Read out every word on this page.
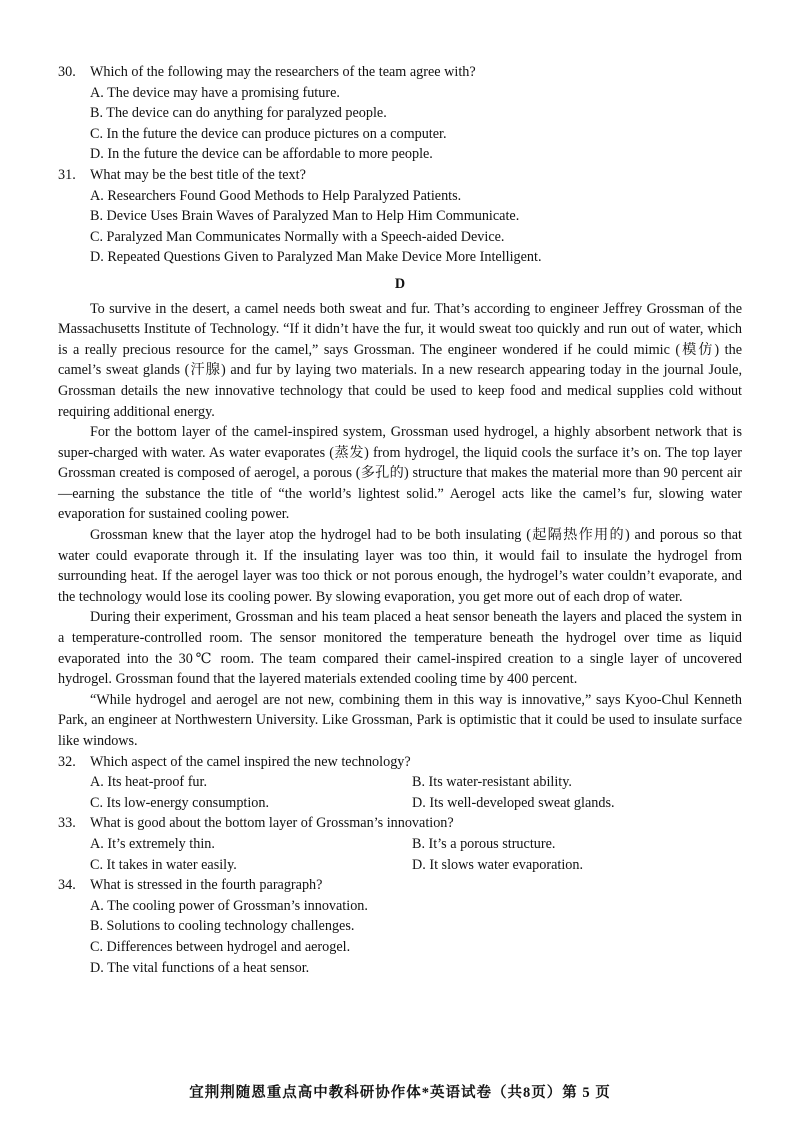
30. Which of the following may the researchers of the team agree with?
A. The device may have a promising future.
B. The device can do anything for paralyzed people.
C. In the future the device can produce pictures on a computer.
D. In the future the device can be affordable to more people.
31. What may be the best title of the text?
A. Researchers Found Good Methods to Help Paralyzed Patients.
B. Device Uses Brain Waves of Paralyzed Man to Help Him Communicate.
C. Paralyzed Man Communicates Normally with a Speech-aided Device.
D. Repeated Questions Given to Paralyzed Man Make Device More Intelligent.
D

To survive in the desert, a camel needs both sweat and fur. That’s according to engineer Jeffrey Grossman of the Massachusetts Institute of Technology. “If it didn’t have the fur, it would sweat too quickly and run out of water, which is a really precious resource for the camel,” says Grossman. The engineer wondered if he could mimic (模仿) the camel’s sweat glands (汗腺) and fur by laying two materials. In a new research appearing today in the journal Joule, Grossman details the new innovative technology that could be used to keep food and medical supplies cold without requiring additional energy.

For the bottom layer of the camel-inspired system, Grossman used hydrogel, a highly absorbent network that is super-charged with water. As water evaporates (蒸发) from hydrogel, the liquid cools the surface it’s on. The top layer Grossman created is composed of aerogel, a porous (多孔的) structure that makes the material more than 90 percent air—earning the substance the title of “the world’s lightest solid.” Aerogel acts like the camel’s fur, slowing water evaporation for sustained cooling power.

Grossman knew that the layer atop the hydrogel had to be both insulating (起隔热作用的) and porous so that water could evaporate through it. If the insulating layer was too thin, it would fail to insulate the hydrogel from surrounding heat. If the aerogel layer was too thick or not porous enough, the hydrogel’s water couldn’t evaporate, and the technology would lose its cooling power. By slowing evaporation, you get more out of each drop of water.

During their experiment, Grossman and his team placed a heat sensor beneath the layers and placed the system in a temperature-controlled room. The sensor monitored the temperature beneath the hydrogel over time as liquid evaporated into the 30℃ room. The team compared their camel-inspired creation to a single layer of uncovered hydrogel. Grossman found that the layered materials extended cooling time by 400 percent.

“While hydrogel and aerogel are not new, combining them in this way is innovative,” says Kyoo-Chul Kenneth Park, an engineer at Northwestern University. Like Grossman, Park is optimistic that it could be used to insulate surface like windows.

32. Which aspect of the camel inspired the new technology?
A. Its heat-proof fur.	B. Its water-resistant ability.
C. Its low-energy consumption.	D. Its well-developed sweat glands.
33. What is good about the bottom layer of Grossman’s innovation?
A. It’s extremely thin.	B. It’s a porous structure.
C. It takes in water easily.	D. It slows water evaporation.
34. What is stressed in the fourth paragraph?
A. The cooling power of Grossman’s innovation.
B. Solutions to cooling technology challenges.
C. Differences between hydrogel and aerogel.
D. The vital functions of a heat sensor.
宜荆荆随恩重点高中教科研协作体*英语试卷（共8页）第 5 页
